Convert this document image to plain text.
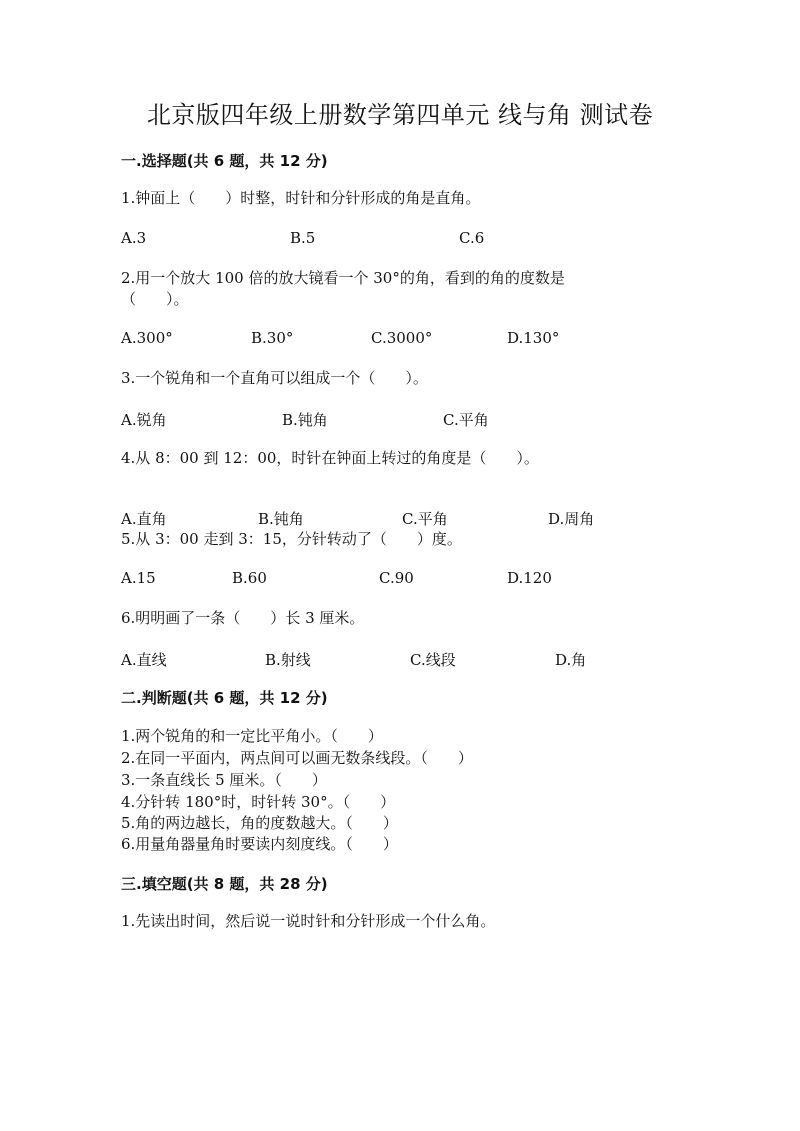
北京版四年级上册数学第四单元 线与角 测试卷
一.选择题(共 6 题，共 12 分)
1.钟面上（　　）时整，时针和分针形成的角是直角。
A.3	B.5	C.6
2.用一个放大 100 倍的放大镜看一个 30°的角，看到的角的度数是
（　　）。
A.300°	B.30°	C.3000°	D.130°
3.一个锐角和一个直角可以组成一个（　　）。
A.锐角	B.钝角	C.平角
4.从 8：00 到 12：00，时针在钟面上转过的角度是（　　）。
A.直角	B.钝角	C.平角	D.周角
5.从 3：00 走到 3：15，分针转动了（　　）度。
A.15	B.60	C.90	D.120
6.明明画了一条（　　）长 3 厘米。
A.直线	B.射线	C.线段	D.角
二.判断题(共 6 题，共 12 分)
1.两个锐角的和一定比平角小。（　　）
2.在同一平面内，两点间可以画无数条线段。（　　）
3.一条直线长 5 厘米。（　　）
4.分针转 180°时，时针转 30°。（　　）
5.角的两边越长，角的度数越大。（　　）
6.用量角器量角时要读内刻度线。（　　）
三.填空题(共 8 题，共 28 分)
1.先读出时间，然后说一说时针和分针形成一个什么角。
